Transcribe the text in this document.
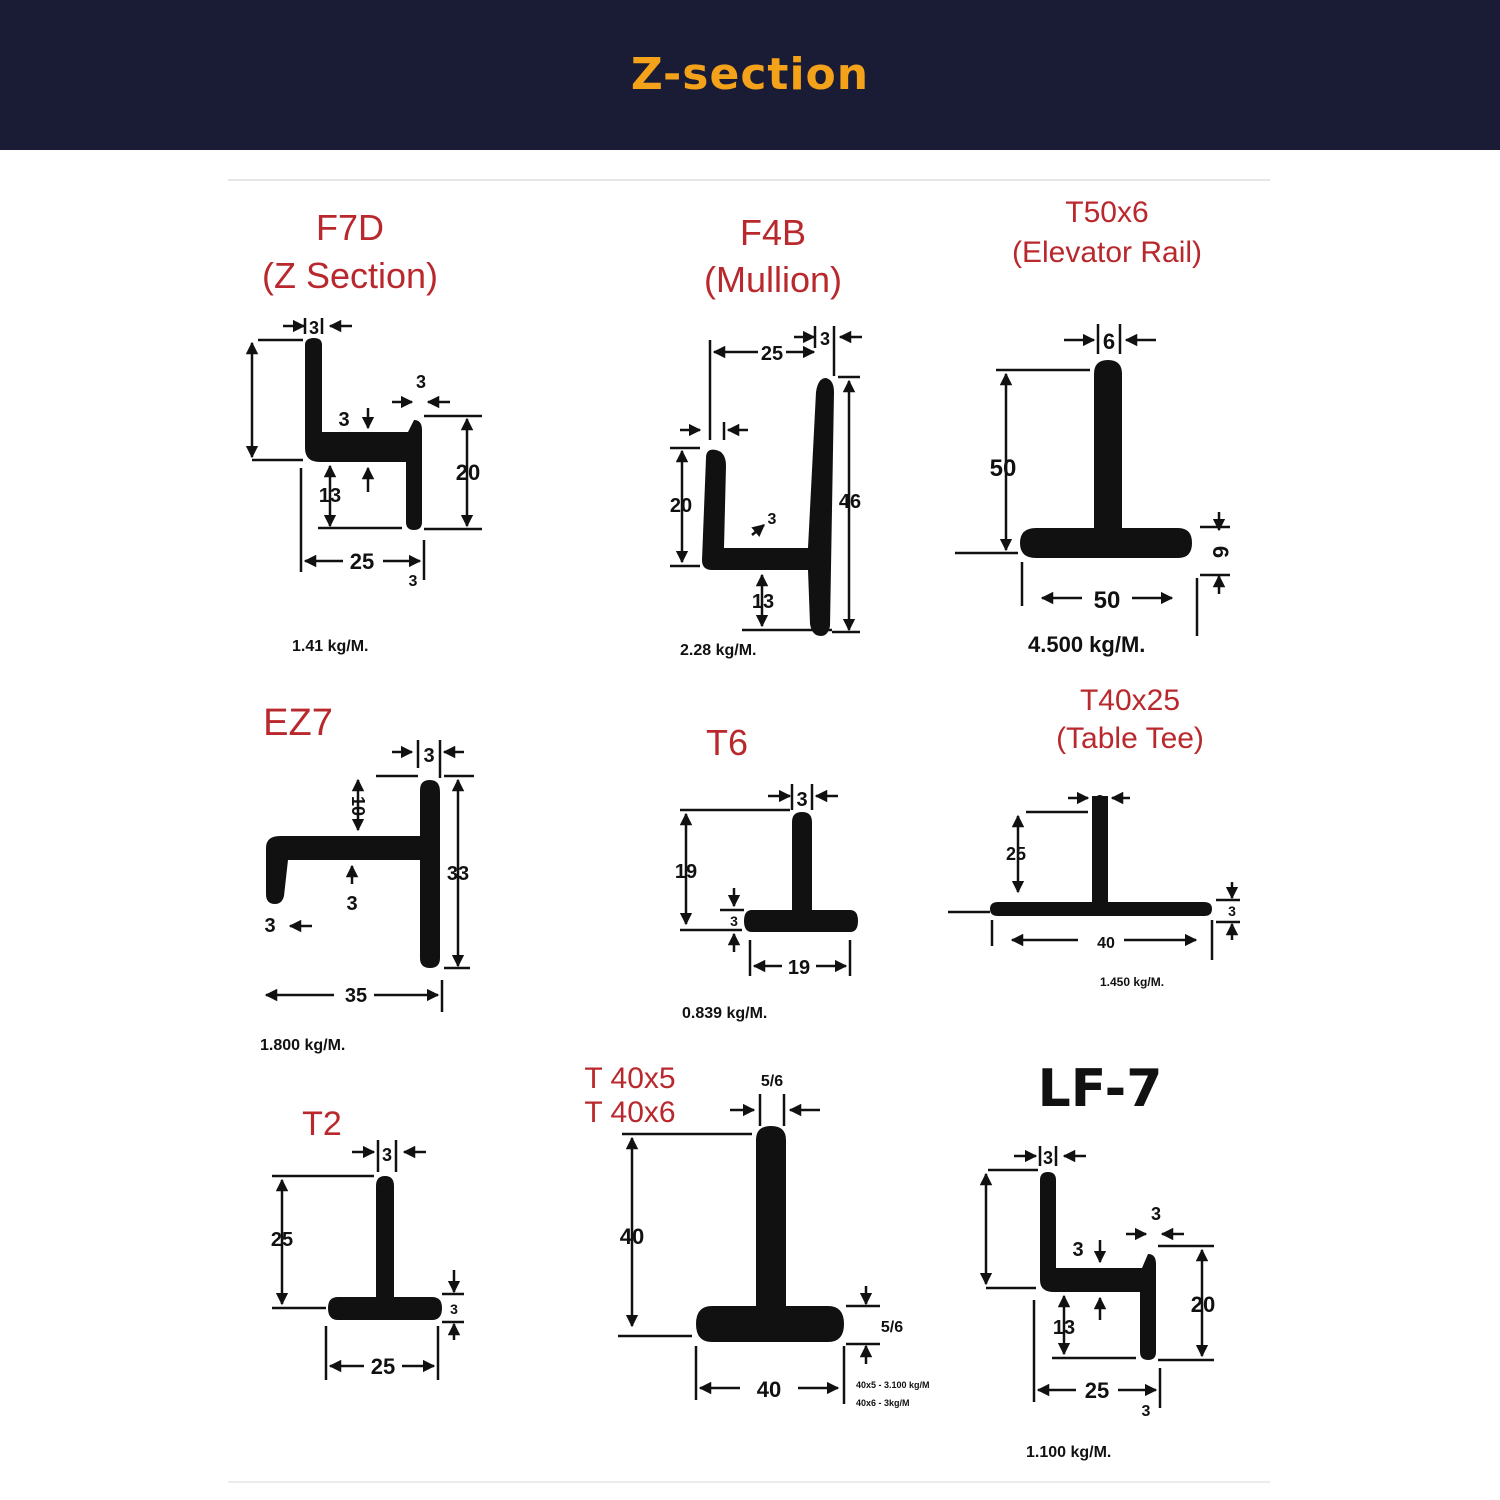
Z-section
F7D
(Z Section)
3
3
3
20
13
25
3
1.41 kg/M.
F4B
(Mullion)
25
3
46
20
3
13
2.28 kg/M.
T50x6
(Elevator Rail)
6
50
50
6
4.500 kg/M.
EZ7
3
10
33
3
3
35
1.800 kg/M.
T6
3
19
3
19
0.839 kg/M.
T40x25
(Table Tee)
3
25
40
3
1.450 kg/M.
T2
3
25
3
25
T 40x5
T 40x6
5/6
40
5/6
40	40x5 - 3.100 kg/M
40x6 - 3kg/M
LF-7
3
3
3
20
13
25
3
1.100 kg/M.
